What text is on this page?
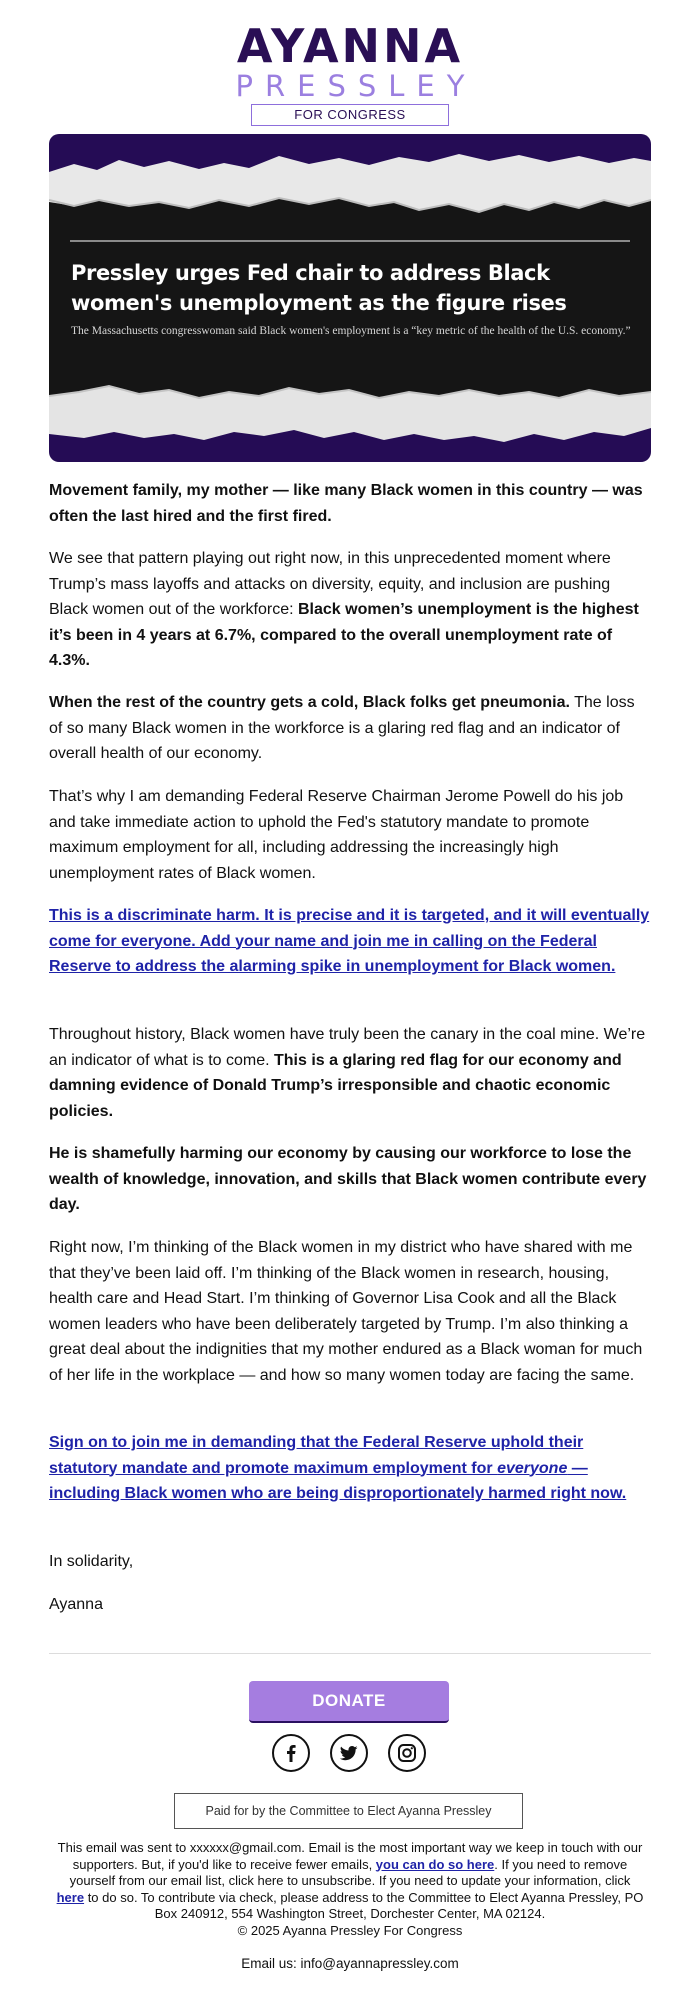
AYANNA
PRESSLEY
FOR CONGRESS
Pressley urges Fed chair to address Black women's unemployment as the figure rises
The Massachusetts congresswoman said Black women's employment is a “key metric of the health of the U.S. economy.”
Movement family, my mother — like many Black women in this country — was often the last hired and the first fired.
We see that pattern playing out right now, in this unprecedented moment where Trump’s mass layoffs and attacks on diversity, equity, and inclusion are pushing Black women out of the workforce: Black women’s unemployment is the highest it’s been in 4 years at 6.7%, compared to the overall unemployment rate of 4.3%.
When the rest of the country gets a cold, Black folks get pneumonia. The loss of so many Black women in the workforce is a glaring red flag and an indicator of overall health of our economy.
That’s why I am demanding Federal Reserve Chairman Jerome Powell do his job and take immediate action to uphold the Fed's statutory mandate to promote maximum employment for all, including addressing the increasingly high unemployment rates of Black women.
This is a discriminate harm. It is precise and it is targeted, and it will eventually come for everyone. Add your name and join me in calling on the Federal Reserve to address the alarming spike in unemployment for Black women.
Throughout history, Black women have truly been the canary in the coal mine. We’re an indicator of what is to come. This is a glaring red flag for our economy and damning evidence of Donald Trump’s irresponsible and chaotic economic policies.
He is shamefully harming our economy by causing our workforce to lose the wealth of knowledge, innovation, and skills that Black women contribute every day.
Right now, I’m thinking of the Black women in my district who have shared with me that they’ve been laid off. I’m thinking of the Black women in research, housing, health care and Head Start. I’m thinking of Governor Lisa Cook and all the Black women leaders who have been deliberately targeted by Trump. I’m also thinking a great deal about the indignities that my mother endured as a Black woman for much of her life in the workplace — and how so many women today are facing the same.
Sign on to join me in demanding that the Federal Reserve uphold their statutory mandate and promote maximum employment for everyone — including Black women who are being disproportionately harmed right now.
In solidarity,
Ayanna
DONATE
Paid for by the Committee to Elect Ayanna Pressley
This email was sent to xxxxxx@gmail.com. Email is the most important way we keep in touch with our supporters. But, if you'd like to receive fewer emails, you can do so here. If you need to remove yourself from our email list, click here to unsubscribe. If you need to update your information, click here to do so. To contribute via check, please address to the Committee to Elect Ayanna Pressley, PO Box 240912, 554 Washington Street, Dorchester Center, MA 02124.
© 2025 Ayanna Pressley For Congress
Email us: info@ayannapressley.com
